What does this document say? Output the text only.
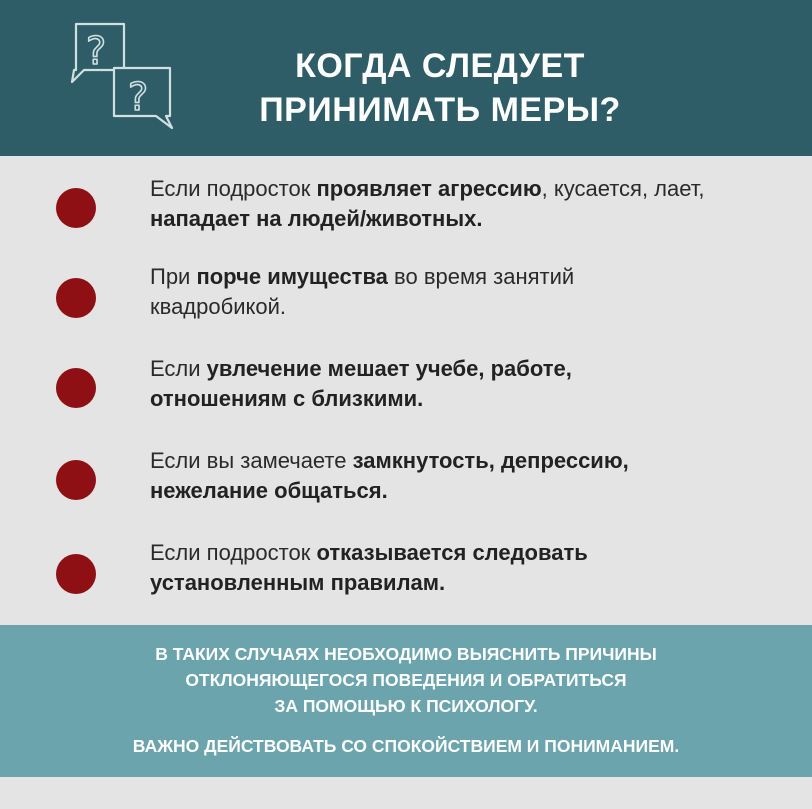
?
?
КОГДА СЛЕДУЕТ
ПРИНИМАТЬ МЕРЫ?
Если подросток проявляет агрессию, кусается, лает, нападает на людей/животных.
При порче имущества во время занятий квадробикой.
Если увлечение мешает учебе, работе, отношениям с близкими.
Если вы замечаете замкнутость, депрессию, нежелание общаться.
Если подросток отказывается следовать установленным правилам.
В ТАКИХ СЛУЧАЯХ НЕОБХОДИМО ВЫЯСНИТЬ ПРИЧИНЫ
ОТКЛОНЯЮЩЕГОСЯ ПОВЕДЕНИЯ И ОБРАТИТЬСЯ
ЗА ПОМОЩЬЮ К ПСИХОЛОГУ.
ВАЖНО ДЕЙСТВОВАТЬ СО СПОКОЙСТВИЕМ И ПОНИМАНИЕМ.
